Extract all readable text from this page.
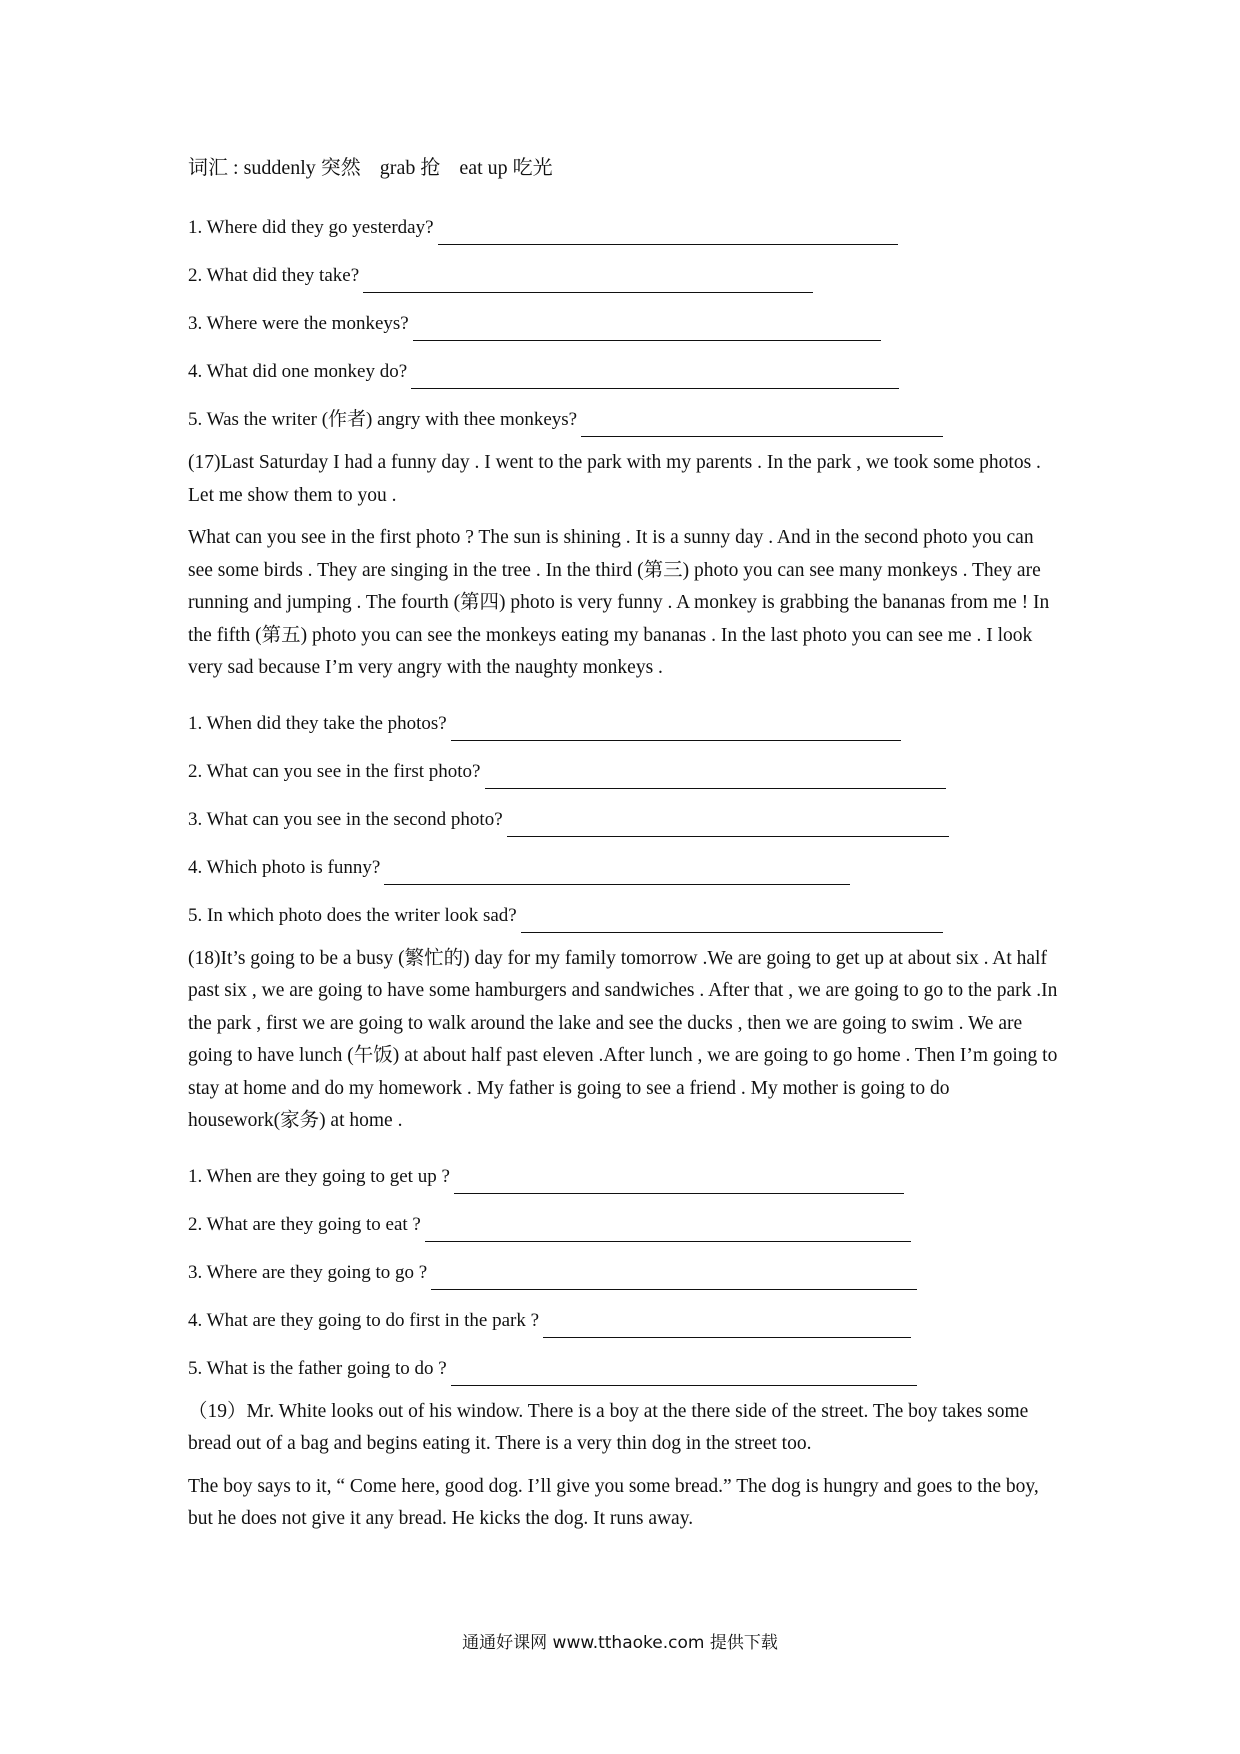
词汇 : suddenly 突然 grab 抢 eat up 吃光
1. Where did they go yesterday?
2. What did they take?
3. Where were the monkeys?
4. What did one monkey do?
5. Was the writer (作者) angry with thee monkeys?
(17)Last Saturday I had a funny day . I went to the park with my parents . In the park , we took some photos . Let me show them to you .
What can you see in the first photo ? The sun is shining . It is a sunny day . And in the second photo you can see some birds . They are singing in the tree . In the third (第三) photo you can see many monkeys . They are running and jumping . The fourth (第四) photo is very funny . A monkey is grabbing the bananas from me ! In the fifth (第五) photo you can see the monkeys eating my bananas . In the last photo you can see me . I look very sad because I’m very angry with the naughty monkeys .
1. When did they take the photos?
2. What can you see in the first photo?
3. What can you see in the second photo?
4. Which photo is funny?
5. In which photo does the writer look sad?
(18)It’s going to be a busy (繁忙的) day for my family tomorrow .We are going to get up at about six . At half past six , we are going to have some hamburgers and sandwiches . After that , we are going to go to the park .In the park , first we are going to walk around the lake and see the ducks , then we are going to swim . We are going to have lunch (午饭) at about half past eleven .After lunch , we are going to go home . Then I’m going to stay at home and do my homework . My father is going to see a friend . My mother is going to do housework(家务) at home .
1. When are they going to get up ?
2. What are they going to eat ?
3. Where are they going to go ?
4. What are they going to do first in the park ?
5. What is the father going to do ?
（19）Mr. White looks out of his window. There is a boy at the there side of the street. The boy takes some bread out of a bag and begins eating it. There is a very thin dog in the street too.
The boy says to it, “ Come here, good dog. I’ll give you some bread.” The dog is hungry and goes to the boy, but he does not give it any bread. He kicks the dog. It runs away.
通通好课网 www.tthaoke.com 提供下载
